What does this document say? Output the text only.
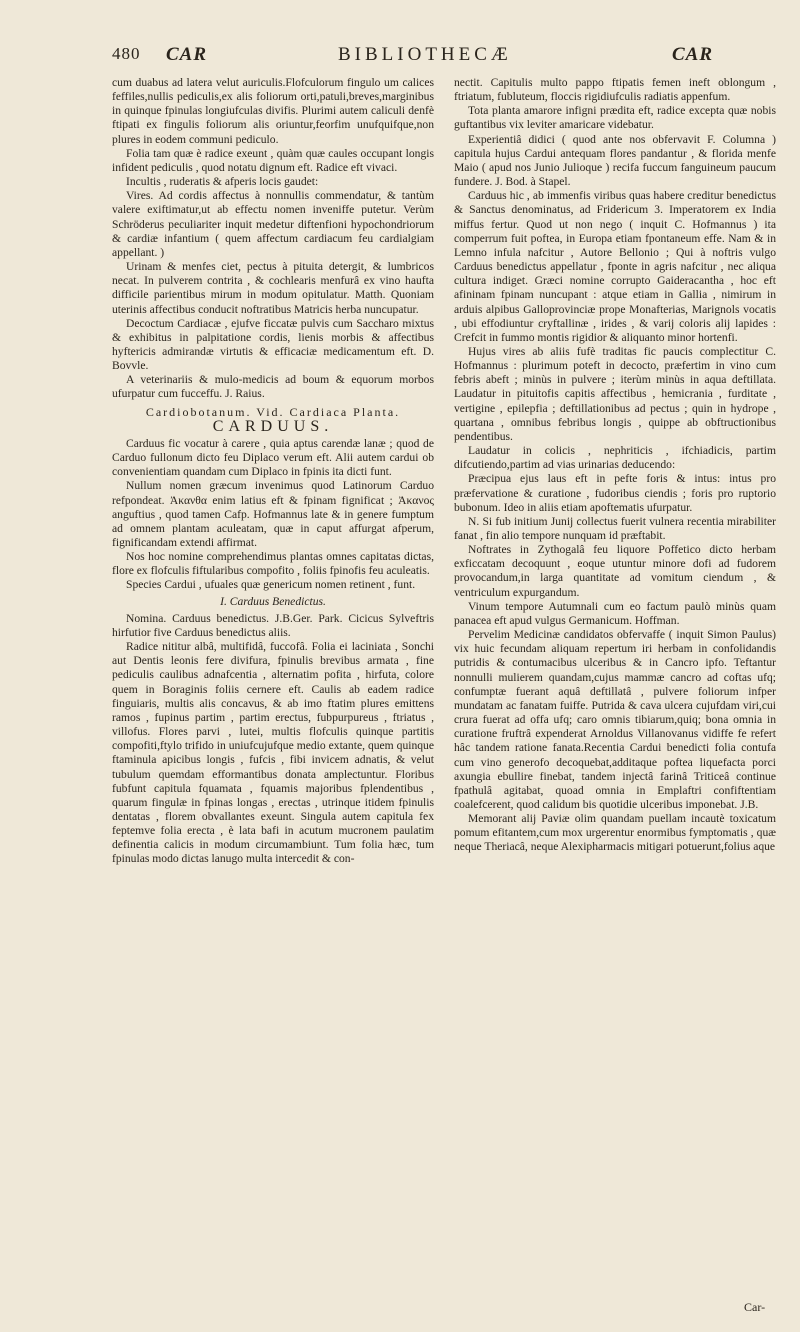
480 CAR	BIBLIOTHECÆ	CAR

cum duabus ad latera velut auriculis.Flofculorum fingulo um calices feffiles,nullis pediculis,ex alis foliorum orti,patuli,breves,marginibus in quinque fpinulas longiufculas divifis. Plurimi autem caliculi denfè ftipati ex fingulis foliorum alis oriuntur,feorfim unufquifque,non plures in eodem communi pediculo.

Folia tam quæ è radice exeunt , quàm quæ caules occupant longis infident pediculis , quod notatu dignum eft. Radice eft vivaci.

Incultis , ruderatis & afperis locis gaudet:

Vires. Ad cordis affectus à nonnullis commendatur, & tantùm valere exiftimatur,ut ab effectu nomen inveniffe putetur. Verùm Schröderus peculiariter inquit medetur diftenfioni hypochondriorum & cardiæ infantium ( quem affectum cardiacum feu cardialgiam appellant. )

Urinam & menfes ciet, pectus à pituita detergit, & lumbricos necat. In pulverem contrita , & cochlearis menfurâ ex vino haufta difficile parientibus mirum in modum opitulatur. Matth. Quoniam uterinis affectibus conducit noftratibus Matricis herba nuncupatur.

Decoctum Cardiacæ , ejufve ficcatæ pulvis cum Saccharo mixtus & exhibitus in palpitatione cordis, lienis morbis & affectibus hyftericis admirandæ virtutis & efficaciæ medicamentum eft. D. Bovvle.

A veterinariis & mulo-medicis ad boum & equorum morbos ufurpatur cum fucceffu. J. Raius.

Cardiobotanum. Vid. Cardiaca Planta.

CARDUUS.

Carduus fic vocatur à carere , quia aptus carendæ lanæ ; quod de Carduo fullonum dicto feu Diplaco verum eft. Alii autem cardui ob convenientiam quandam cum Diplaco in fpinis ita dicti funt.

Nullum nomen græcum invenimus quod Latinorum Carduo refpondeat. Ἀκανθα enim latius eft & fpinam fignificat ; Ἀκανος anguftius , quod tamen Cafp. Hofmannus late & in genere fumptum ad omnem plantam aculeatam, quæ in caput affurgat afperum, fignificandam extendi affirmat.

Nos hoc nomine comprehendimus plantas omnes capitatas dictas, flore ex flofculis fiftularibus compofito , foliis fpinofis feu aculeatis.

Species Cardui , ufuales quæ genericum nomen retinent , funt.

I. Carduus Benedictus.

Nomina. Carduus benedictus. J.B.Ger. Park. Cicicus Sylveftris hirfutior five Carduus benedictus aliis.

Radice nititur albâ, multifidâ, fuccofâ. Folia ei laciniata , Sonchi aut Dentis leonis fere divifura, fpinulis brevibus armata , fine pediculis caulibus adnafcentia , alternatim pofita , hirfuta, colore quem in Boraginis foliis cernere eft. Caulis ab eadem radice finguiaris, multis alis concavus, & ab imo ftatim plures emittens ramos , fupinus partim , partim erectus, fubpurpureus , ftriatus , villofus. Flores parvi , lutei, multis flofculis quinque partitis compofiti,ftylo trifido in uniufcujufque medio extante, quem quinque ftaminula apicibus longis , fufcis , fibi invicem adnatis, & velut tubulum quemdam efformantibus donata amplectuntur. Floribus fubfunt capitula fquamata , fquamis majoribus fplendentibus , quarum fingulæ in fpinas longas , erectas , utrinque itidem fpinulis dentatas , florem obvallantes exeunt. Singula autem capitula fex feptemve folia erecta , è lata bafi in acutum mucronem paulatim definentia calicis in modum circumambiunt. Tum folia hæc, tum fpinulas modo dictas lanugo multa intercedit & con-

nectit. Capitulis multo pappo ftipatis femen ineft oblongum , ftriatum, fubluteum, floccis rigidiufculis radiatis appenfum.

Tota planta amarore infigni prædita eft, radice excepta quæ nobis guftantibus vix leviter amaricare videbatur.

Experientiâ didici ( quod ante nos obfervavit F. Columna ) capitula hujus Cardui antequam flores pandantur , & florida menfe Maio ( apud nos Junio Julioque ) recifa fuccum fanguineum paucum fundere. J. Bod. à Stapel.

Carduus hic , ab immenfis viribus quas habere creditur benedictus & Sanctus denominatus, ad Fridericum 3. Imperatorem ex India miffus fertur. Quod ut non nego ( inquit C. Hofmannus ) ita comperrum fuit poftea, in Europa etiam fpontaneum effe. Nam & in Lemno infula nafcitur , Autore Bellonio ; Qui à noftris vulgo Carduus benedictus appellatur , fponte in agris nafcitur , nec aliqua cultura indiget. Græci nomine corrupto Gaideracantha , hoc eft afininam fpinam nuncupant : atque etiam in Gallia , nimirum in arduis alpibus Galloprovinciæ prope Monafterias, Marignols vocatis , ubi effodiuntur cryftallinæ , irides , & varij coloris alij lapides : Crefcit in fummo montis rigidior & aliquanto minor hortenfi.

Hujus vires ab aliis fufè traditas fic paucis complectitur C. Hofmannus : plurimum poteft in decocto, præfertim in vino cum febris abeft ; minùs in pulvere ; iterùm minùs in aqua deftillata. Laudatur in pituitofis capitis affectibus , hemicrania , furditate , vertigine , epilepfia ; deftillationibus ad pectus ; quin in hydrope , quartana , omnibus febribus longis , quippe ab obftructionibus pendentibus.

Laudatur in colicis , nephriticis , ifchiadicis, partim difcutiendo,partim ad vias urinarias deducendo:

Præcipua ejus laus eft in pefte foris & intus: intus pro præfervatione & curatione , fudoribus ciendis ; foris pro ruptorio bubonum. Ideo in aliis etiam apoftematis ufurpatur.

N. Si fub initium Junij collectus fuerit vulnera recentia mirabiliter fanat , fin alio tempore nunquam id præftabit.

Noftrates in Zythogalâ feu liquore Poffetico dicto herbam exficcatam decoquunt , eoque utuntur minore dofi ad fudorem provocandum,in larga quantitate ad vomitum ciendum , & ventriculum expurgandum.

Vinum tempore Autumnali cum eo factum paulò minùs quam panacea eft apud vulgus Germanicum. Hoffman.

Pervelim Medicinæ candidatos obfervaffe ( inquit Simon Paulus) vix huic fecundam aliquam repertum iri herbam in confolidandis putridis & contumacibus ulceribus & in Cancro ipfo. Teftantur nonnulli mulierem quandam,cujus mammæ cancro ad coftas ufq; confumptæ fuerant aquâ deftillatâ , pulvere foliorum infper mundatam ac fanatam fuiffe. Putrida & cava ulcera cujufdam viri,cui crura fuerat ad offa ufq; caro omnis tibiarum,quiq; bona omnia in curatione fruftrâ expenderat Arnoldus Villanovanus vidiffe fe refert hâc tandem ratione fanata.Recentia Cardui benedicti folia contufa cum vino generofo decoquebat,additaque poftea liquefacta porci axungia ebullire finebat, tandem injectâ farinâ Triticeâ continue fpathulâ agitabat, quoad omnia in Emplaftri confiftentiam coalefcerent, quod calidum bis quotidie ulceribus imponebat. J.B.

Memorant alij Paviæ olim quandam puellam incautè toxicatum pomum efitantem,cum mox urgerentur enormibus fymptomatis , quæ neque Theriacâ, neque Alexipharmacis mitigari potuerunt,folius aque

Car-
